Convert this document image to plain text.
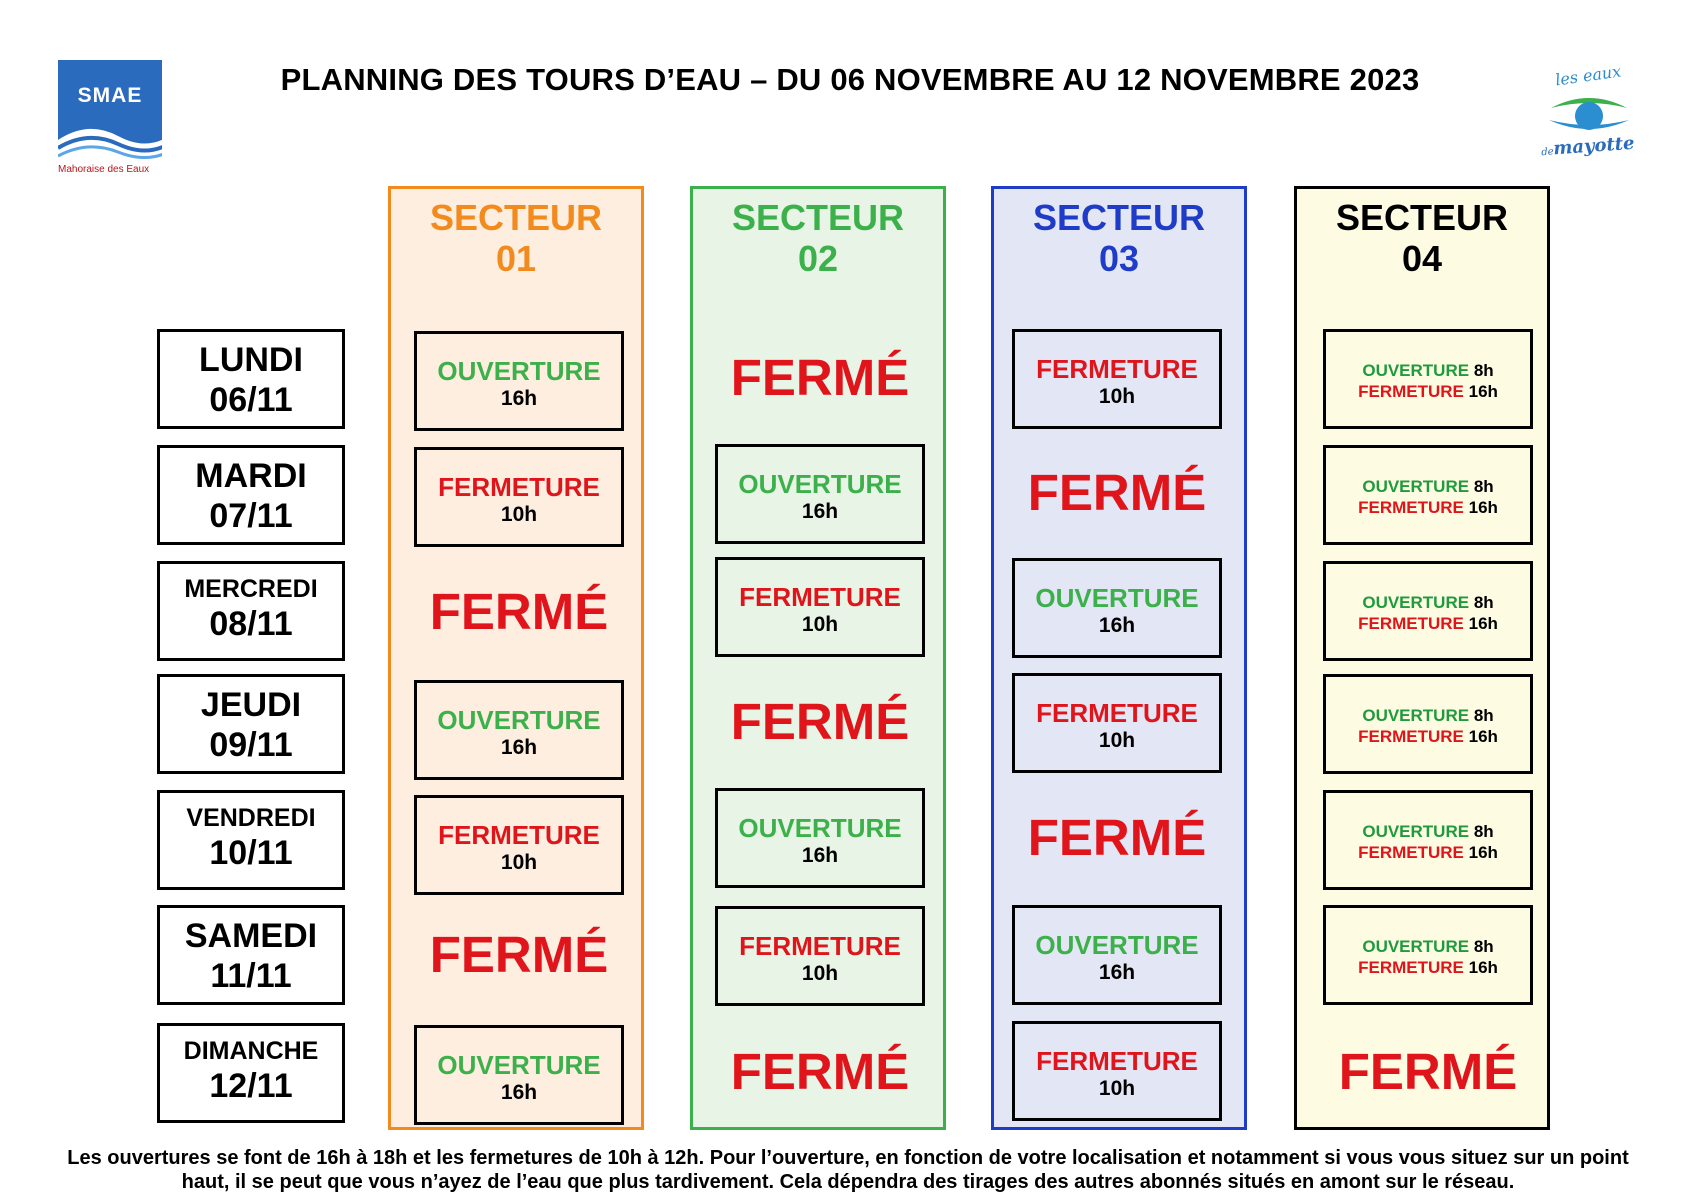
SMAE
Mahoraise des Eaux
PLANNING DES TOURS D’EAU – DU 06 NOVEMBRE AU 12 NOVEMBRE 2023	les eaux
demayotte
SECTEUR
01
SECTEUR
02
SECTEUR
03
SECTEUR
04
LUNDI
06/11
MARDI
07/11
MERCREDI
08/11
JEUDI
09/11
VENDREDI
10/11
SAMEDI
11/11
DIMANCHE
12/11
OUVERTURE
16h
FERMETURE
10h
FERMÉ
OUVERTURE
16h
FERMETURE
10h
FERMÉ
OUVERTURE
16h
FERMÉ
OUVERTURE
16h
FERMETURE
10h
FERMÉ
OUVERTURE
16h
FERMETURE
10h
FERMÉ
FERMETURE
10h
FERMÉ
OUVERTURE
16h
FERMETURE
10h
FERMÉ
OUVERTURE
16h
FERMETURE
10h
OUVERTURE 8h
FERMETURE 16h
OUVERTURE 8h
FERMETURE 16h
OUVERTURE 8h
FERMETURE 16h
OUVERTURE 8h
FERMETURE 16h
OUVERTURE 8h
FERMETURE 16h
OUVERTURE 8h
FERMETURE 16h
FERMÉ
Les ouvertures se font de 16h à 18h et les fermetures de 10h à 12h. Pour l’ouverture, en fonction de votre localisation et notamment si vous vous situez sur un point
haut, il se peut que vous n’ayez de l’eau que plus tardivement. Cela dépendra des tirages des autres abonnés situés en amont sur le réseau.
